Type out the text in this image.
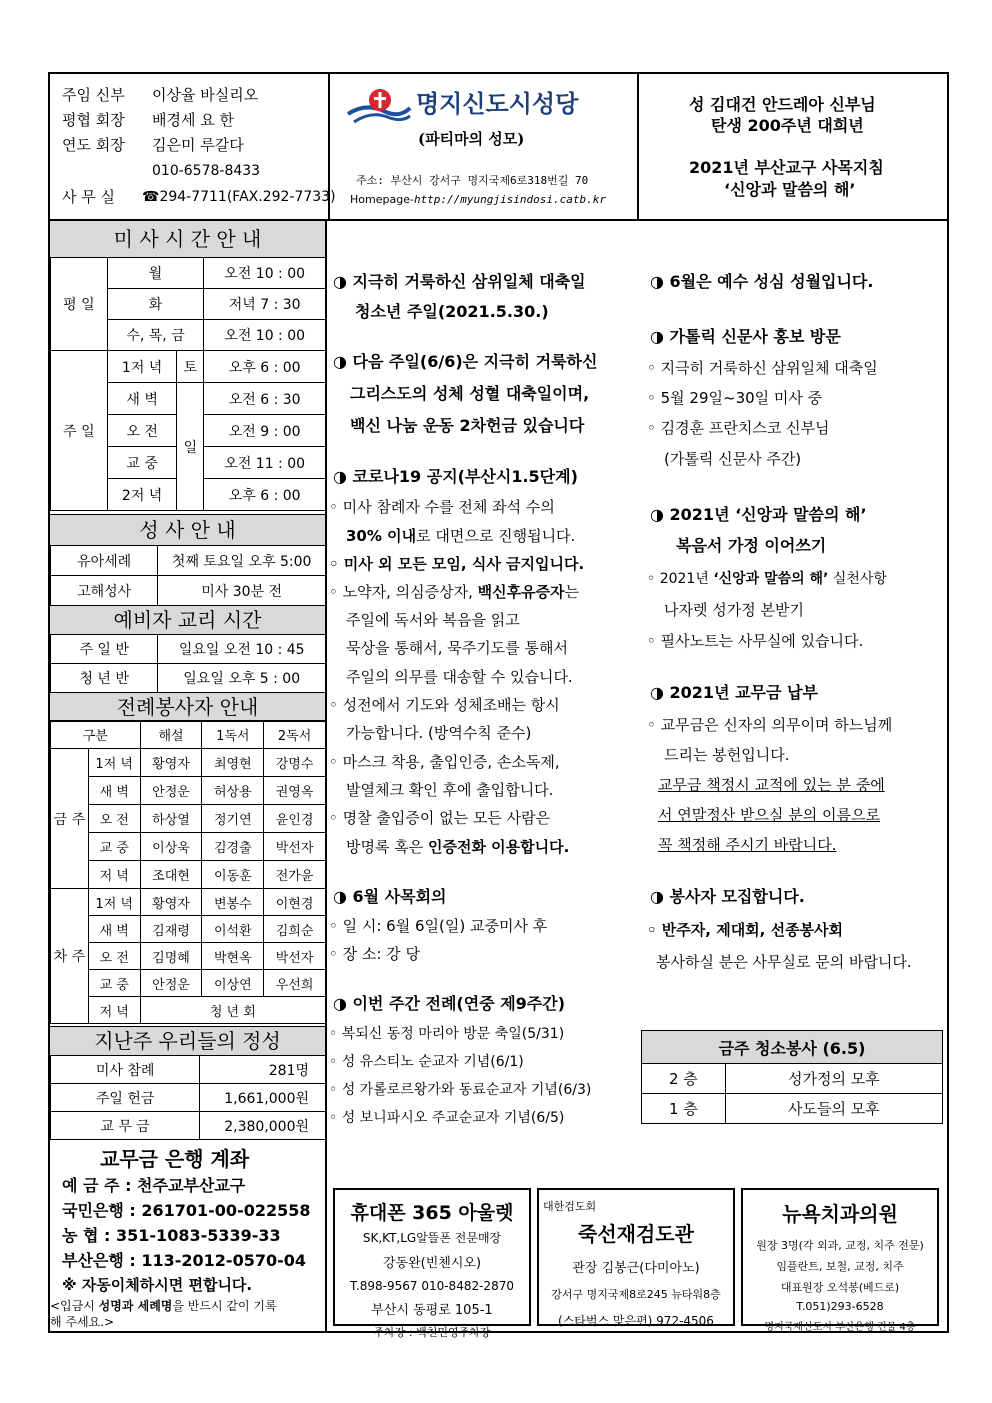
주임 신부 이상율 바실리오
평협 회장 배경세 요 한
연도 회장 김은미 루갈다
010-6578-8433
사 무 실 ☎294-7711(FAX.292-7733)
명지신도시성당
(파티마의 성모)
주소: 부산시 강서구 명지국제6로318번길 70
Homepage-http://myungjisindosi.catb.kr
성 김대건 안드레아 신부님
탄생 200주년 대희년
2021년 부산교구 사목지침
‘신앙과 말씀의 해’
미 사 시 간 안 내
평 일	월		오전 10 : 00
	화		저녁 7 : 30
	수, 목, 금		오전 10 : 00
주 일	1저 녁	토	오후 6 : 00
	새 벽	일	오전 6 : 30
	오 전		오전 9 : 00
	교 중		오전 11 : 00
	2저 녁		오후 6 : 00
성 사 안 내
유아세례	첫째 토요일 오후 5:00
고해성사	미사 30분 전
예비자 교리 시간
주 일 반	일요일 오전 10 : 45
청 년 반	일요일 오후 5 : 00
전례봉사자 안내
구분		해설	1독서	2독서
금 주	1저 녁	황영자	최영현	강명수
	새 벽	안정운	허상용	권영옥
	오 전	하상열	정기연	윤인경
	교 중	이상욱	김경출	박선자
	저 녁	조대현	이동훈	전가윤
차 주	1저 녁	황영자	변봉수	이현경
	새 벽	김재령	이석환	김희순
	오 전	김명혜	박현옥	박선자
	교 중	안정운	이상연	우선희
	저 녁	청 년 회		
지난주 우리들의 정성
미사 참례	281명
주일 헌금	1,661,000원
교 무 금	2,380,000원
교무금 은행 계좌
예 금 주 : 천주교부산교구
국민은행 : 261701-00-022558
농 협 : 351-1083-5339-33
부산은행 : 113-2012-0570-04
※ 자동이체하시면 편합니다.
<입금시 성명과 세례명을 반드시 같이 기록
해 주세요.>
◑ 지극히 거룩하신 삼위일체 대축일
청소년 주일(2021.5.30.)
◑ 다음 주일(6/6)은 지극히 거룩하신
그리스도의 성체 성혈 대축일이며,
백신 나눔 운동 2차헌금 있습니다
◑ 코로나19 공지(부산시1.5단계)
◦ 미사 참례자 수를 전체 좌석 수의
30% 이내로 대면으로 진행됩니다.
◦ 미사 외 모든 모임, 식사 금지입니다.
◦ 노약자, 의심증상자, 백신후유증자는
주일에 독서와 복음을 읽고
묵상을 통해서, 묵주기도를 통해서
주일의 의무를 대송할 수 있습니다.
◦ 성전에서 기도와 성체조배는 항시
가능합니다. (방역수칙 준수)
◦ 마스크 착용, 출입인증, 손소독제,
발열체크 확인 후에 출입합니다.
◦ 명찰 출입증이 없는 모든 사람은
방명록 혹은 인증전화 이용합니다.
◑ 6월 사목회의
◦ 일 시: 6월 6일(일) 교중미사 후
◦ 장 소: 강 당
◑ 이번 주간 전례(연중 제9주간)
◦ 복되신 동정 마리아 방문 축일(5/31)
◦ 성 유스티노 순교자 기념(6/1)
◦ 성 가롤로르왕가와 동료순교자 기념(6/3)
◦ 성 보니파시오 주교순교자 기념(6/5)
◑ 6월은 예수 성심 성월입니다.
◑ 가톨릭 신문사 홍보 방문
◦ 지극히 거룩하신 삼위일체 대축일
◦ 5월 29일~30일 미사 중
◦ 김경훈 프란치스코 신부님
(가톨릭 신문사 주간)
◑ 2021년 ‘신앙과 말씀의 해’
복음서 가정 이어쓰기
◦ 2021년 ‘신앙과 말씀의 해’ 실천사항
나자렛 성가정 본받기
◦ 필사노트는 사무실에 있습니다.
◑ 2021년 교무금 납부
◦ 교무금은 신자의 의무이며 하느님께
드리는 봉헌입니다.
교무금 책정시 교적에 있는 분 중에
서 연말정산 받으실 분의 이름으로
꼭 책정해 주시기 바랍니다.
◑ 봉사자 모집합니다.
◦ 반주자, 제대회, 선종봉사회
봉사하실 분은 사무실로 문의 바랍니다.
금주 청소봉사 (6.5)	
2 층	성가정의 모후
1 층	사도들의 모후
휴대폰 365 아울렛
SK,KT,LG알뜰폰 전문매장
강동완(빈첸시오)
T.898-9567 010-8482-2870
부산시 동평로 105-1
주차장 : 백천민영주차장
대한검도회
죽선재검도관
관장 김봉근(다미아노)
강서구 명지국제8로245 뉴타워8층
(스타벅스 맞은편) 972-4506
뉴욕치과의원
원장 3명(각 외과, 교정, 치주 전문)
임플란트, 보철, 교정, 치주
대표원장 오석봉(베드로)
T.051)293-6528
명지국제신도시 부산은행 건물 4층
